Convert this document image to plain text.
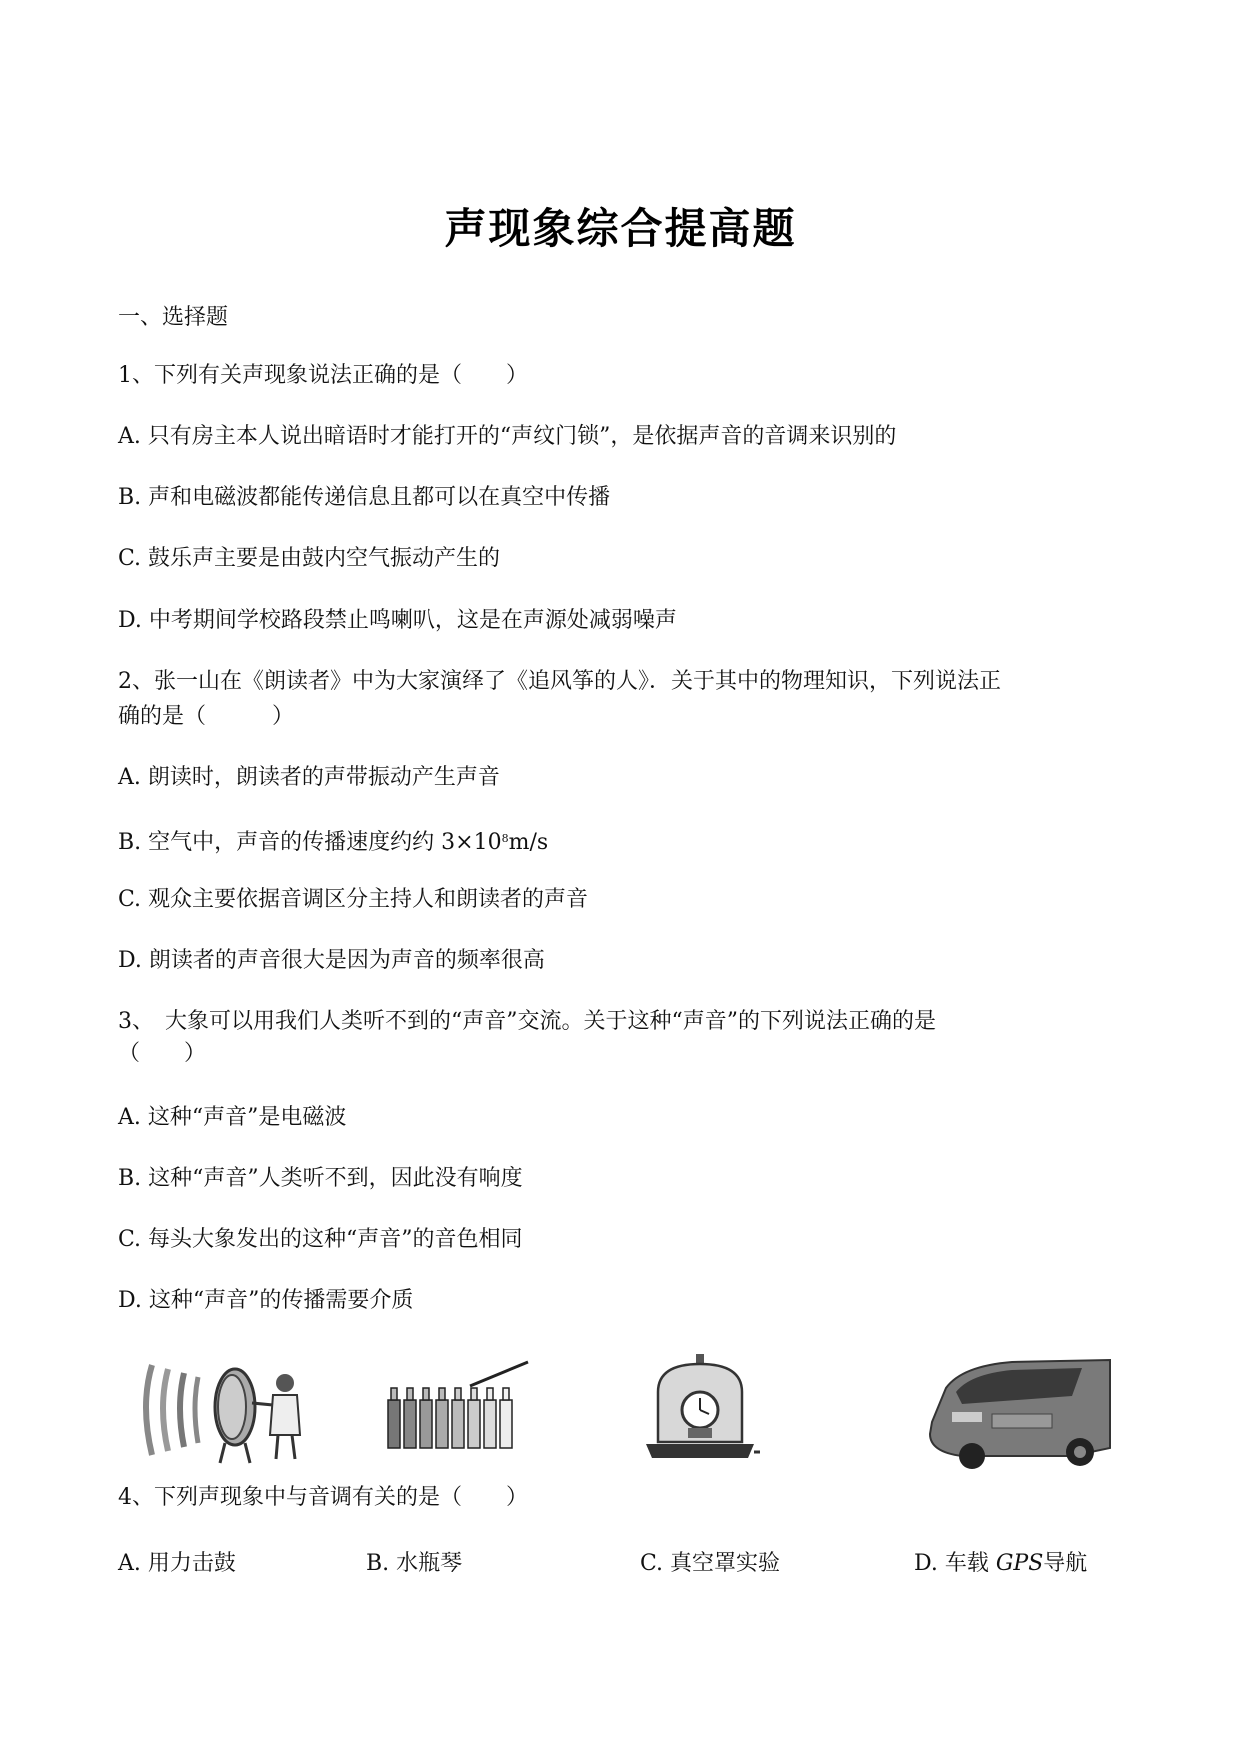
声现象综合提高题
一、选择题
1、下列有关声现象说法正确的是（　　）
A. 只有房主本人说出暗语时才能打开的“声纹门锁”，是依据声音的音调来识别的
B. 声和电磁波都能传递信息且都可以在真空中传播
C. 鼓乐声主要是由鼓内空气振动产生的
D. 中考期间学校路段禁止鸣喇叭，这是在声源处减弱噪声
2、张一山在《朗读者》中为大家演绎了《追风筝的人》．关于其中的物理知识，下列说法正
确的是（　　　）
A. 朗读时，朗读者的声带振动产生声音
B. 空气中，声音的传播速度约约 $3\times 10^8m/s$
C. 观众主要依据音调区分主持人和朗读者的声音
D. 朗读者的声音很大是因为声音的频率很高
3、　大象可以用我们人类听不到的“声音”交流。关于这种“声音”的下列说法正确的是
（　　）
A. 这种“声音”是电磁波
B. 这种“声音”人类听不到，因此没有响度
C. 每头大象发出的这种“声音”的音色相同
D. 这种“声音”的传播需要介质
4、下列声现象中与音调有关的是（　　）
A. 用力击鼓	B. 水瓶琴	C. 真空罩实验	D. 车载 GPS导航
